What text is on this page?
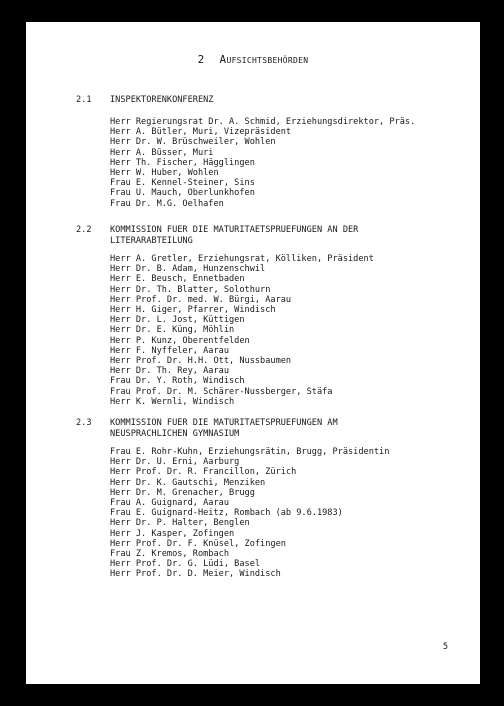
2 Aufsichtsbehörden
2.1 INSPEKTORENKONFERENZ
Herr Regierungsrat Dr. A. Schmid, Erziehungsdirektor, Präs.
Herr A. Bütler, Muri, Vizepräsident
Herr Dr. W. Brüschweiler, Wohlen
Herr A. Büsser, Muri
Herr Th. Fischer, Hägglingen
Herr W. Huber, Wohlen
Frau E. Kennel-Steiner, Sins
Frau U. Mauch, Oberlunkhofen
Frau Dr. M.G. Oelhafen
2.2 KOMMISSION FUER DIE MATURITAETSPRUEFUNGEN AN DER
LITERARABTEILUNG
Herr A. Gretler, Erziehungsrat, Kölliken, Präsident
Herr Dr. B. Adam, Hunzenschwil
Herr E. Beusch, Ennetbaden
Herr Dr. Th. Blatter, Solothurn
Herr Prof. Dr. med. W. Bürgi, Aarau
Herr H. Giger, Pfarrer, Windisch
Herr Dr. L. Jost, Küttigen
Herr Dr. E. Küng, Möhlin
Herr P. Kunz, Oberentfelden
Herr F. Nyffeler, Aarau
Herr Prof. Dr. H.H. Ott, Nussbaumen
Herr Dr. Th. Rey, Aarau
Frau Dr. Y. Roth, Windisch
Frau Prof. Dr. M. Schärer-Nussberger, Stäfa
Herr K. Wernli, Windisch
2.3 KOMMISSION FUER DIE MATURITAETSPRUEFUNGEN AM
NEUSPRACHLICHEN GYMNASIUM
Frau E. Rohr-Kuhn, Erziehungsrätin, Brugg, Präsidentin
Herr Dr. U. Erni, Aarburg
Herr Prof. Dr. R. Francillon, Zürich
Herr Dr. K. Gautschi, Menziken
Herr Dr. M. Grenacher, Brugg
Frau A. Guignard, Aarau
Frau E. Guignard-Heitz, Rombach (ab 9.6.1983)
Herr Dr. P. Halter, Benglen
Herr J. Kasper, Zofingen
Herr Prof. Dr. F. Knüsel, Zofingen
Frau Z. Kremos, Rombach
Herr Prof. Dr. G. Lüdi, Basel
Herr Prof. Dr. D. Meier, Windisch
5
